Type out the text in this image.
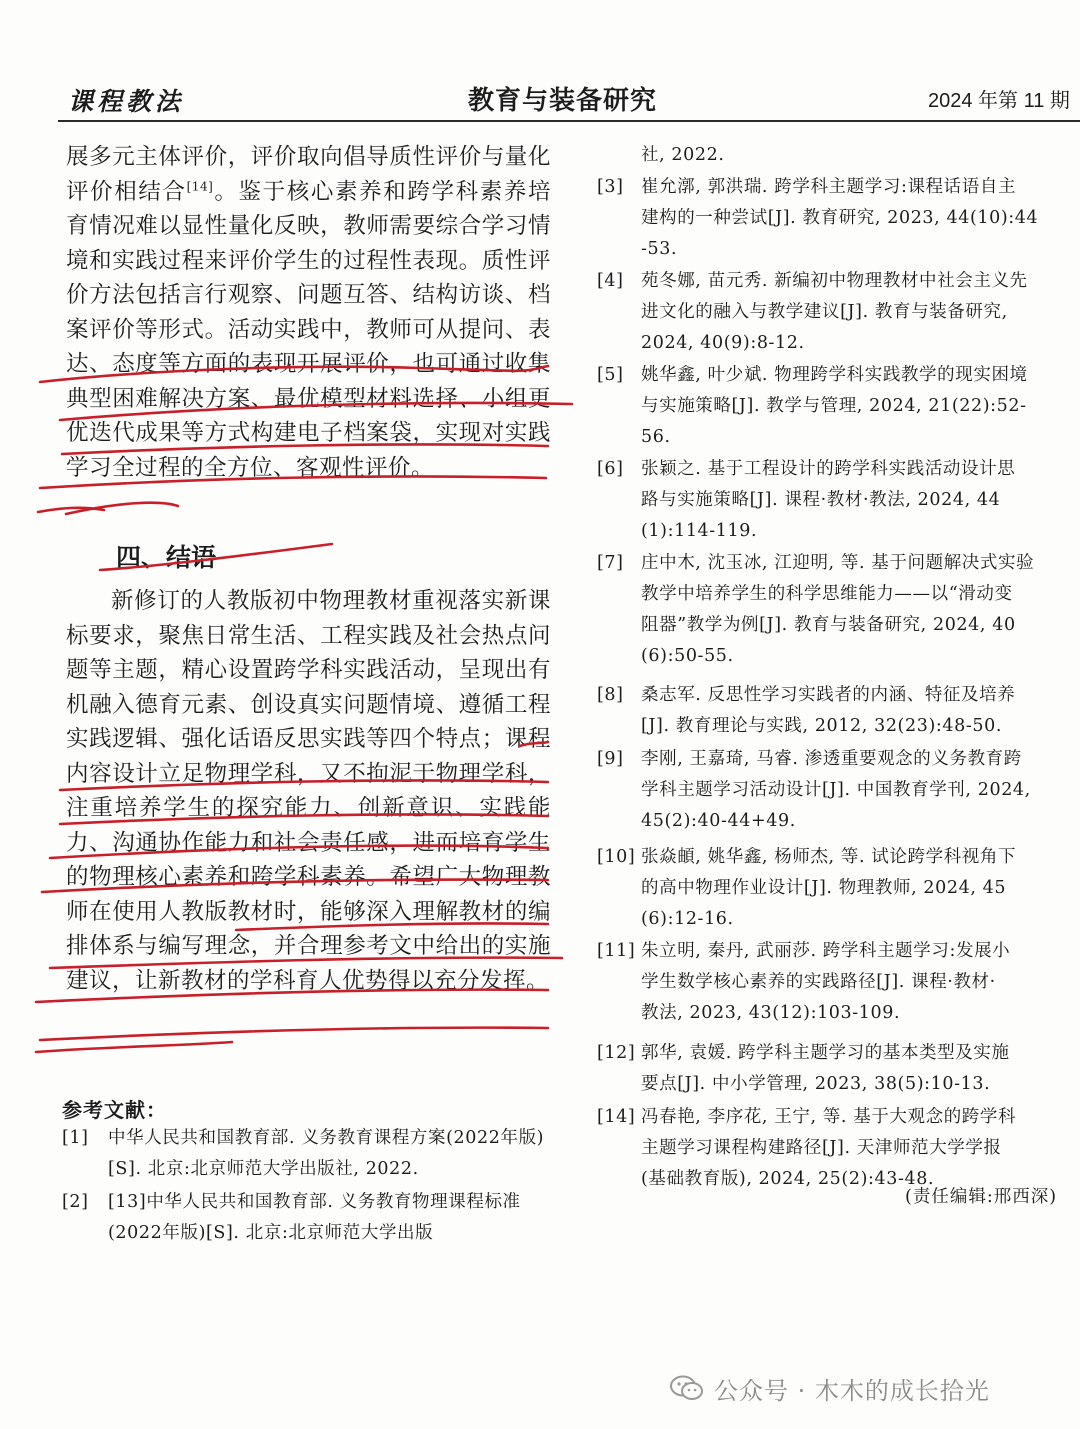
课程教法	教育与装备研究	2024 年第 11 期

展多元主体评价，评价取向倡导质性评价与量化评价相结合[14]。鉴于核心素养和跨学科素养培育情况难以显性量化反映，教师需要综合学习情境和实践过程来评价学生的过程性表现。质性评价方法包括言行观察、问题互答、结构访谈、档案评价等形式。活动实践中，教师可从提问、表达、态度等方面的表现开展评价，也可通过收集典型困难解决方案、最优模型材料选择、小组更优迭代成果等方式构建电子档案袋，实现对实践学习全过程的全方位、客观性评价。

四、结语

新修订的人教版初中物理教材重视落实新课标要求，聚焦日常生活、工程实践及社会热点问题等主题，精心设置跨学科实践活动，呈现出有机融入德育元素、创设真实问题情境、遵循工程实践逻辑、强化话语反思实践等四个特点；课程内容设计立足物理学科，又不拘泥于物理学科，注重培养学生的探究能力、创新意识、实践能力、沟通协作能力和社会责任感，进而培育学生的物理核心素养和跨学科素养。希望广大物理教师在使用人教版教材时，能够深入理解教材的编排体系与编写理念，并合理参考文中给出的实施建议，让新教材的学科育人优势得以充分发挥。

参考文献：
[1] 中华人民共和国教育部. 义务教育课程方案(2022年版)[S]. 北京:北京师范大学出版社, 2022.
[2] [13]中华人民共和国教育部. 义务教育物理课程标准(2022年版)[S]. 北京:北京师范大学出版
社, 2022.
[3] 崔允漷, 郭洪瑞. 跨学科主题学习:课程话语自主
建构的一种尝试[J]. 教育研究, 2023, 44(10):44
-53.
[4] 苑冬娜, 苗元秀. 新编初中物理教材中社会主义先
进文化的融入与教学建议[J]. 教育与装备研究,
2024, 40(9):8-12.
[5] 姚华鑫, 叶少斌. 物理跨学科实践教学的现实困境
与实施策略[J]. 教学与管理, 2024, 21(22):52-
56.
[6] 张颖之. 基于工程设计的跨学科实践活动设计思
路与实施策略[J]. 课程·教材·教法, 2024, 44
(1):114-119.
[7] 庄中木, 沈玉冰, 江迎明, 等. 基于问题解决式实验
教学中培养学生的科学思维能力——以“滑动变
阻器”教学为例[J]. 教育与装备研究, 2024, 40
(6):50-55.
[8] 桑志军. 反思性学习实践者的内涵、特征及培养
[J]. 教育理论与实践, 2012, 32(23):48-50.
[9] 李刚, 王嘉琦, 马睿. 渗透重要观念的义务教育跨
学科主题学习活动设计[J]. 中国教育学刊, 2024,
45(2):40-44+49.
[10] 张焱頔, 姚华鑫, 杨师杰, 等. 试论跨学科视角下
的高中物理作业设计[J]. 物理教师, 2024, 45
(6):12-16.
[11] 朱立明, 秦丹, 武丽莎. 跨学科主题学习:发展小
学生数学核心素养的实践路径[J]. 课程·教材·
教法, 2023, 43(12):103-109.
[12] 郭华, 袁媛. 跨学科主题学习的基本类型及实施
要点[J]. 中小学管理, 2023, 38(5):10-13.
[14] 冯春艳, 李序花, 王宁, 等. 基于大观念的跨学科
主题学习课程构建路径[J]. 天津师范大学学报
(基础教育版), 2024, 25(2):43-48.
(责任编辑:邢西深)
公众号 · 木木的成长拾光
